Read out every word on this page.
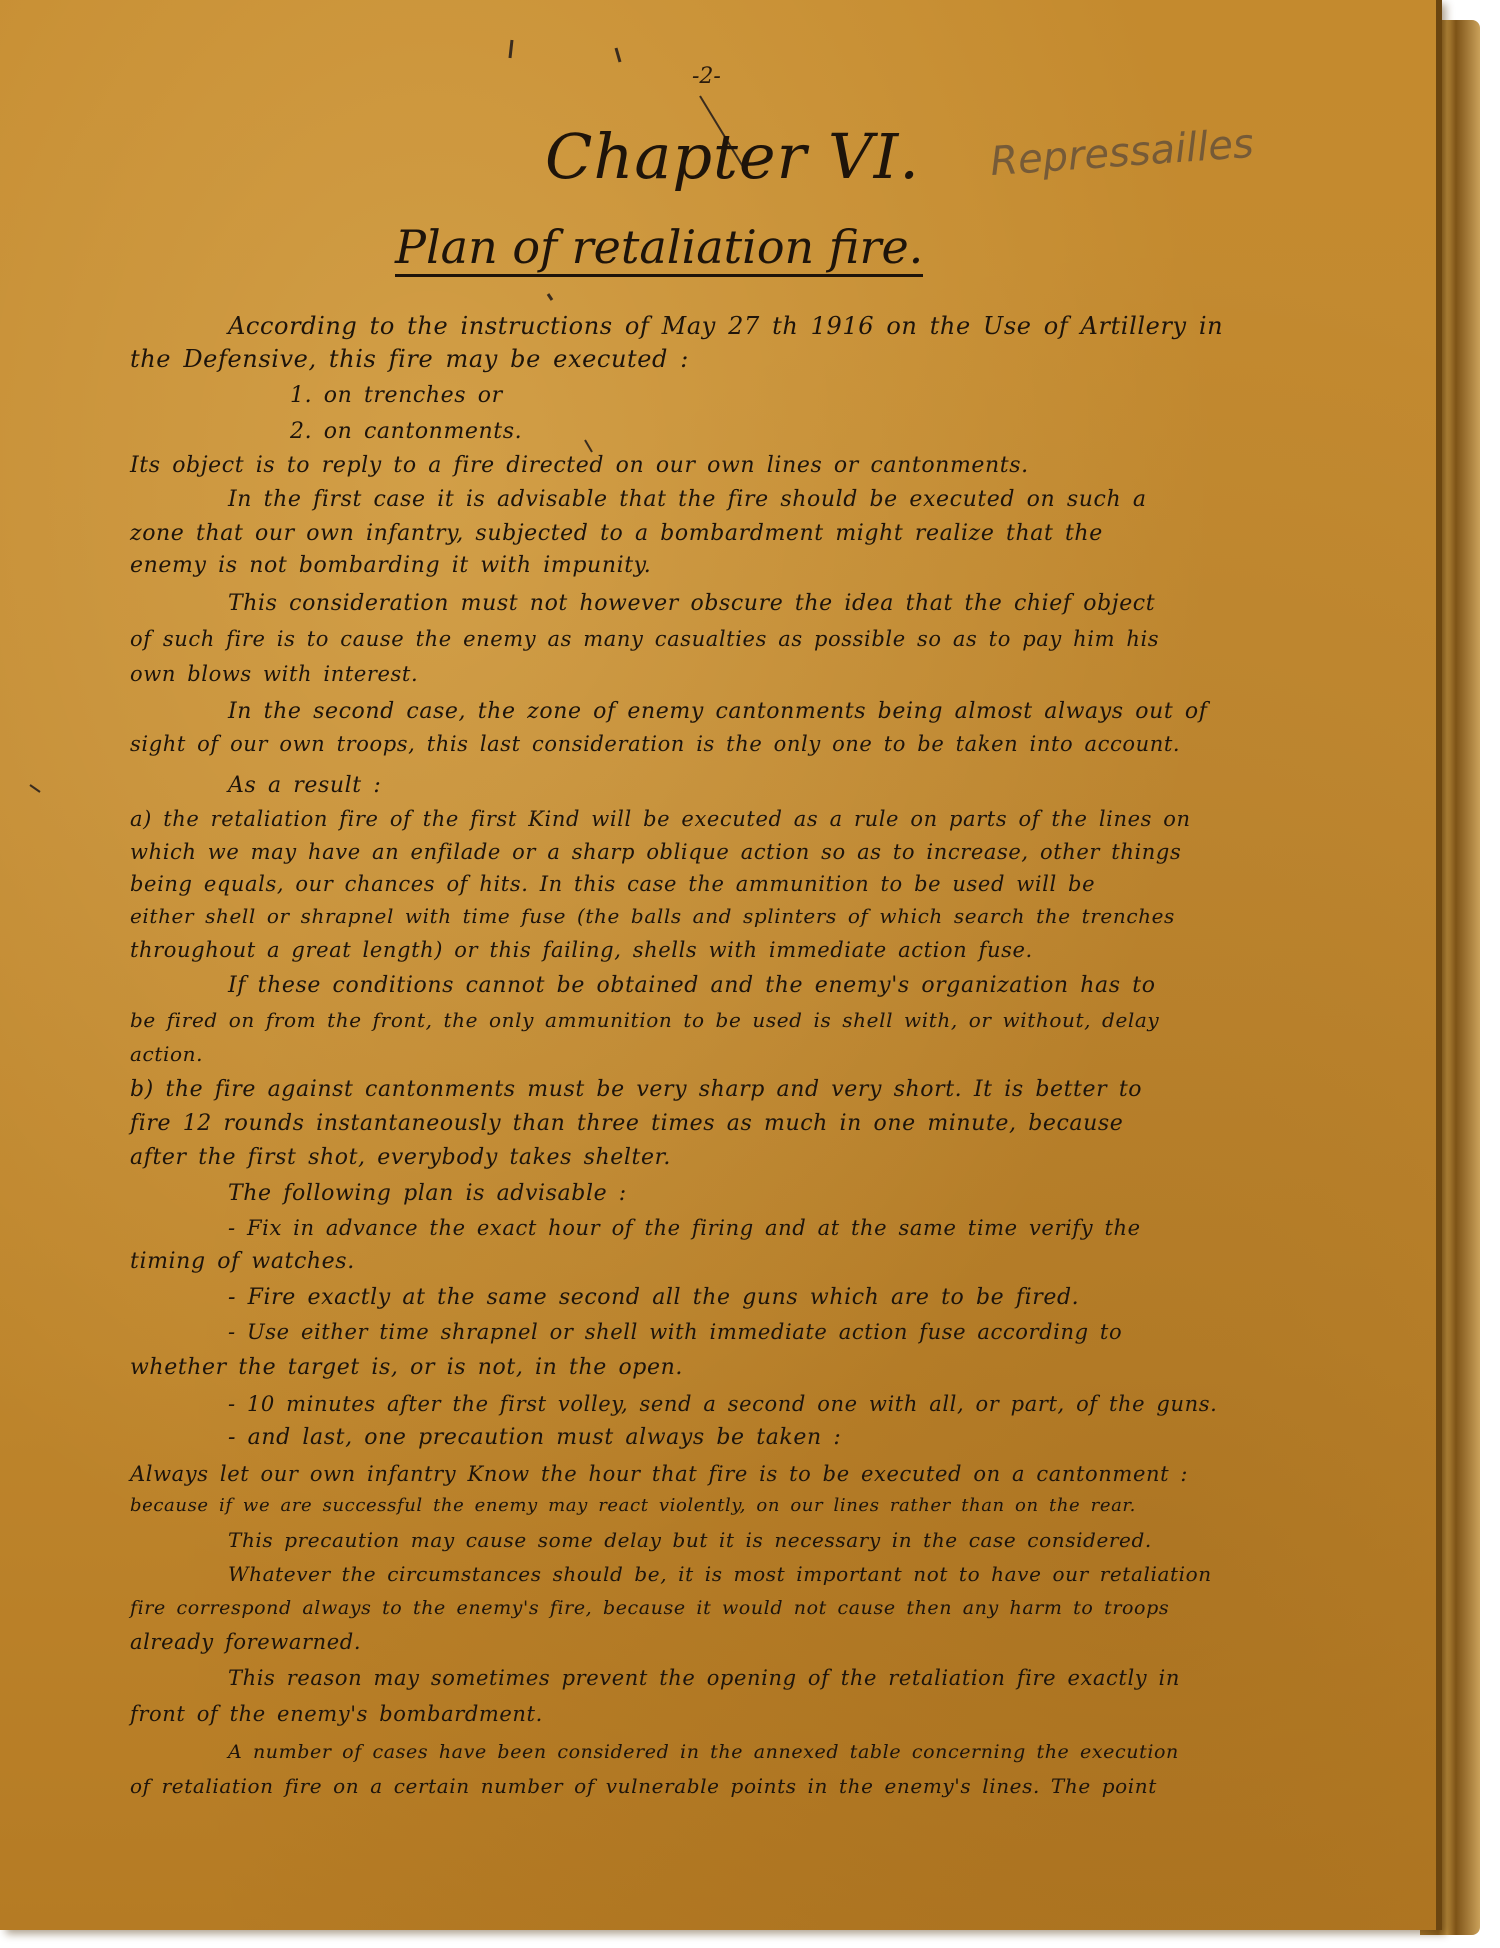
-2-
Chapter VI. Repressailles
Plan of retaliation fire.
According to the instructions of May 27 th 1916 on the Use of Artillery in
the Defensive, this fire may be executed :
1. on trenches or
2. on cantonments.
Its object is to reply to a fire directed on our own lines or cantonments.
In the first case it is advisable that the fire should be executed on such a
zone that our own infantry, subjected to a bombardment might realize that the
enemy is not bombarding it with impunity.
This consideration must not however obscure the idea that the chief object
of such fire is to cause the enemy as many casualties as possible so as to pay him his
own blows with interest.
In the second case, the zone of enemy cantonments being almost always out of
sight of our own troops, this last consideration is the only one to be taken into account.
As a result :
a) the retaliation fire of the first Kind will be executed as a rule on parts of the lines on
which we may have an enfilade or a sharp oblique action so as to increase, other things
being equals, our chances of hits. In this case the ammunition to be used will be
either shell or shrapnel with time fuse (the balls and splinters of which search the trenches
throughout a great length) or this failing, shells with immediate action fuse.
If these conditions cannot be obtained and the enemy's organization has to
be fired on from the front, the only ammunition to be used is shell with, or without, delay
action.
b) the fire against cantonments must be very sharp and very short. It is better to
fire 12 rounds instantaneously than three times as much in one minute, because
after the first shot, everybody takes shelter.
The following plan is advisable :
- Fix in advance the exact hour of the firing and at the same time verify the
timing of watches.
- Fire exactly at the same second all the guns which are to be fired.
- Use either time shrapnel or shell with immediate action fuse according to
whether the target is, or is not, in the open.
- 10 minutes after the first volley, send a second one with all, or part, of the guns.
- and last, one precaution must always be taken :
Always let our own infantry Know the hour that fire is to be executed on a cantonment :
because if we are successful the enemy may react violently, on our lines rather than on the rear.
This precaution may cause some delay but it is necessary in the case considered.
Whatever the circumstances should be, it is most important not to have our retaliation
fire correspond always to the enemy's fire, because it would not cause then any harm to troops
already forewarned.
This reason may sometimes prevent the opening of the retaliation fire exactly in
front of the enemy's bombardment.
A number of cases have been considered in the annexed table concerning the execution
of retaliation fire on a certain number of vulnerable points in the enemy's lines. The point
